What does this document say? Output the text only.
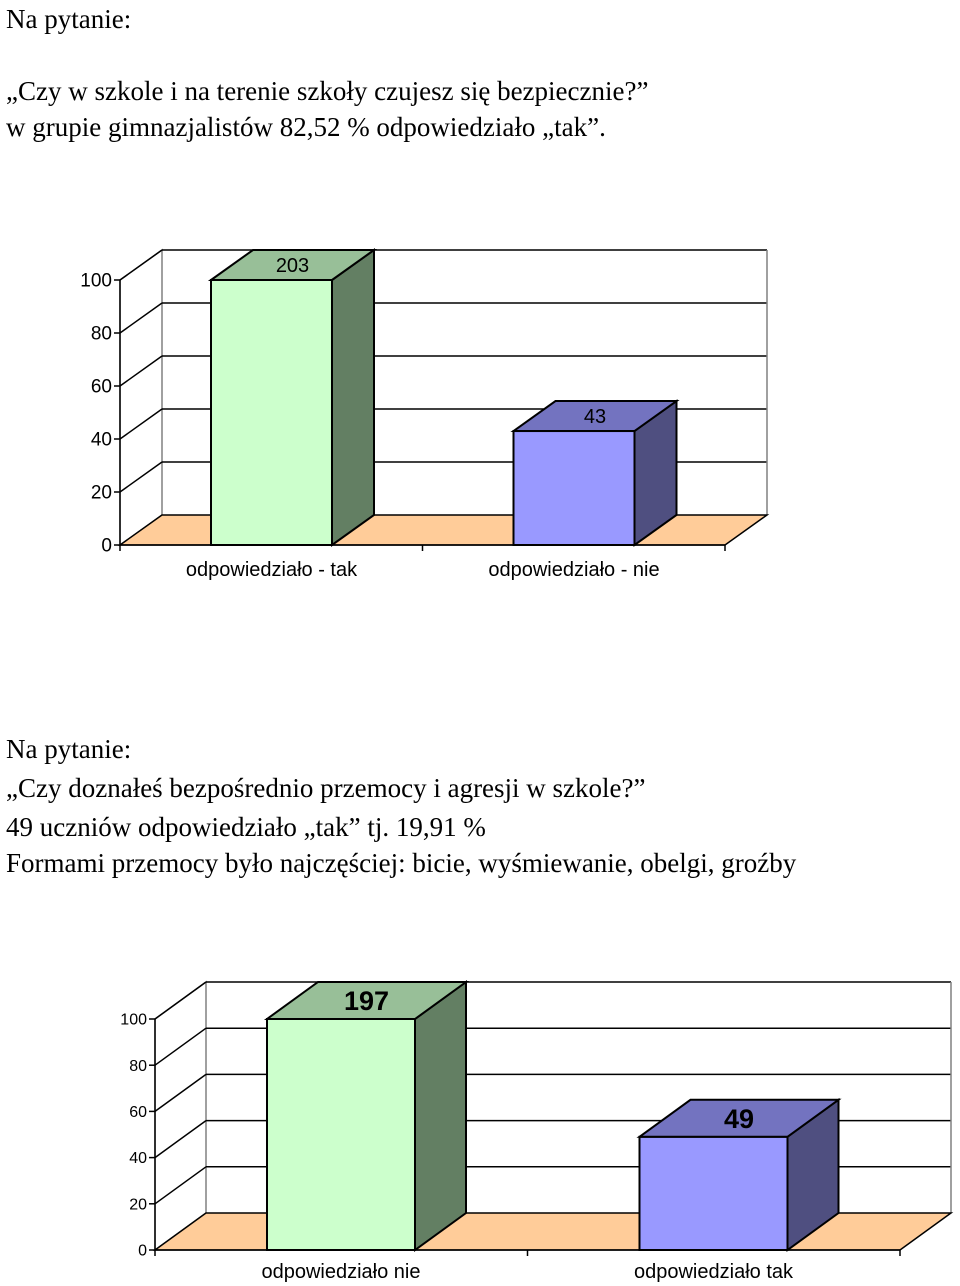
Na pytanie:
„Czy w szkole i na terenie szkoły czujesz się bezpiecznie?”
w grupie gimnazjalistów 82,52 % odpowiedziało „tak”.
0
20
40
60
80
100
203
odpowiedziało - tak
43
odpowiedziało - nie
Na pytanie:
„Czy doznałeś bezpośrednio przemocy i agresji w szkole?”
49 uczniów odpowiedziało „tak” tj. 19,91 %
Formami przemocy było najczęściej: bicie, wyśmiewanie, obelgi, groźby
0
20
40
60
80
100
197
odpowiedziało nie
49
odpowiedziało tak
